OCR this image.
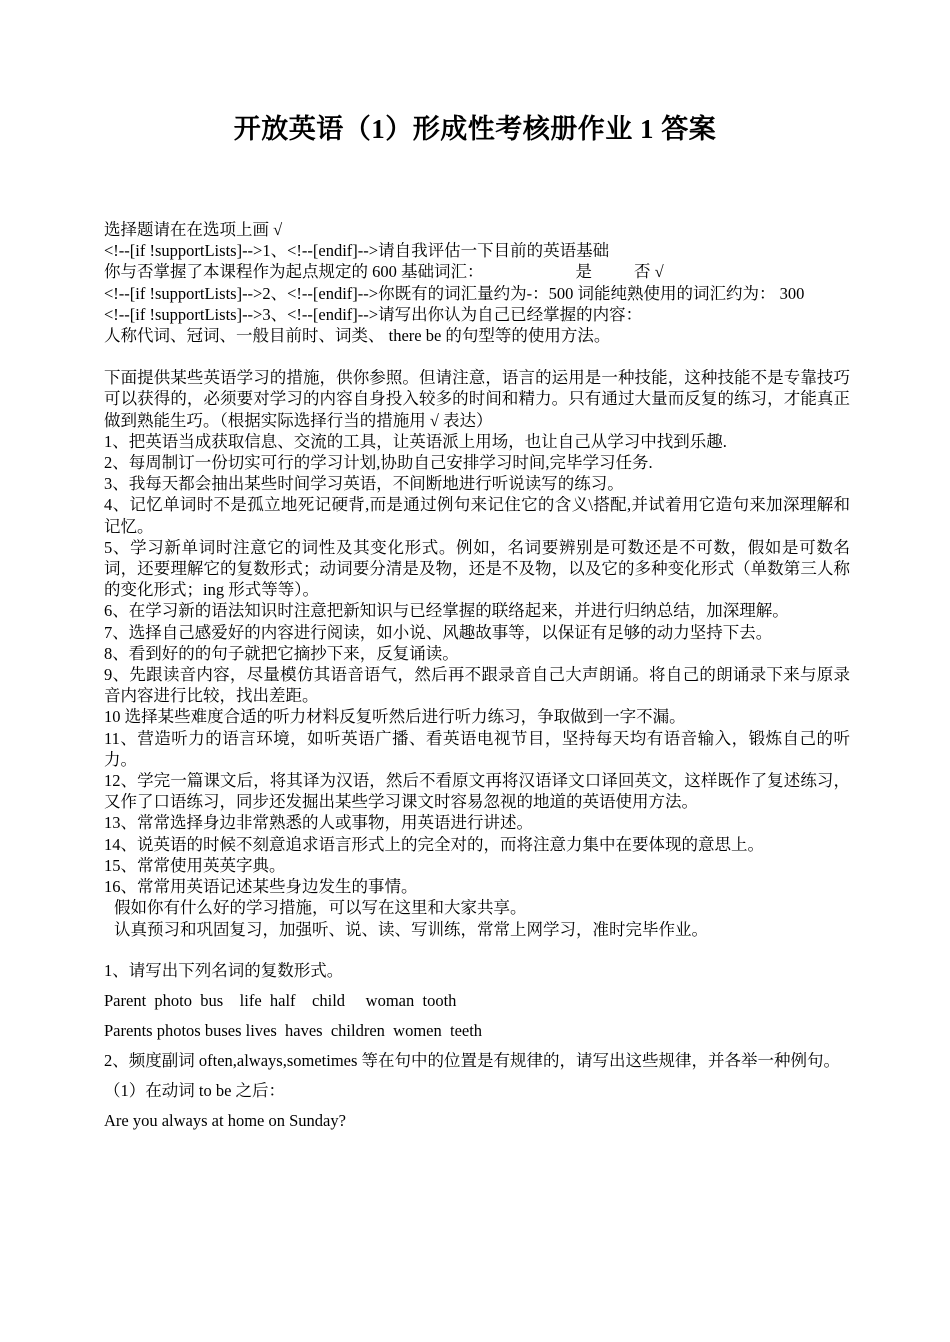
开放英语（1）形成性考核册作业 1 答案

选择题请在在选项上画 √

<!--[if !supportLists]-->1、<!--[endif]-->请自我评估一下目前的英语基础

你与否掌握了本课程作为起点规定的 600 基础词汇：	是	否 √

<!--[if !supportLists]-->2、<!--[endif]-->你既有的词汇量约为-：500 词能纯熟使用的词汇约为： 300

<!--[if !supportLists]-->3、<!--[endif]-->请写出你认为自己已经掌握的内容：

人称代词、冠词、一般目前时、词类、 there be 的句型等的使用方法。

下面提供某些英语学习的措施，供你参照。但请注意，语言的运用是一种技能，这种技能不是专靠技巧可以获得的，必须要对学习的内容自身投入较多的时间和精力。只有通过大量而反复的练习，才能真正做到熟能生巧。（根据实际选择行当的措施用 √ 表达）

1、把英语当成获取信息、交流的工具，让英语派上用场，也让自己从学习中找到乐趣.

2、每周制订一份切实可行的学习计划,协助自己安排学习时间,完毕学习任务.

3、我每天都会抽出某些时间学习英语，不间断地进行听说读写的练习。

4、记忆单词时不是孤立地死记硬背,而是通过例句来记住它的含义\搭配,并试着用它造句来加深理解和记忆。

5、学习新单词时注意它的词性及其变化形式。例如，名词要辨别是可数还是不可数，假如是可数名词，还要理解它的复数形式；动词要分清是及物，还是不及物，以及它的多种变化形式（单数第三人称的变化形式；ing 形式等等）。

6、在学习新的语法知识时注意把新知识与已经掌握的联络起来，并进行归纳总结，加深理解。

7、选择自己感爱好的内容进行阅读，如小说、风趣故事等，以保证有足够的动力坚持下去。

8、看到好的的句子就把它摘抄下来，反复诵读。

9、先跟读音内容，尽量模仿其语音语气，然后再不跟录音自己大声朗诵。将自己的朗诵录下来与原录音内容进行比较，找出差距。

10 选择某些难度合适的听力材料反复听然后进行听力练习，争取做到一字不漏。

11、营造听力的语言环境，如听英语广播、看英语电视节目，坚持每天均有语音输入，锻炼自己的听力。

12、学完一篇课文后，将其译为汉语，然后不看原文再将汉语译文口译回英文，这样既作了复述练习，又作了口语练习，同步还发掘出某些学习课文时容易忽视的地道的英语使用方法。

13、常常选择身边非常熟悉的人或事物，用英语进行讲述。

14、说英语的时候不刻意追求语言形式上的完全对的，而将注意力集中在要体现的意思上。

15、常常使用英英字典。

16、常常用英语记述某些身边发生的事情。

假如你有什么好的学习措施，可以写在这里和大家共享。

认真预习和巩固复习，加强听、说、读、写训练，常常上网学习，准时完毕作业。

1、请写出下列名词的复数形式。

Parent  photo  bus    life  half    child     woman  tooth

Parents photos buses lives  haves  children  women  teeth

2、频度副词 often,always,sometimes 等在句中的位置是有规律的，请写出这些规律，并各举一种例句。

（1）在动词 to be 之后：

Are you always at home on Sunday?
